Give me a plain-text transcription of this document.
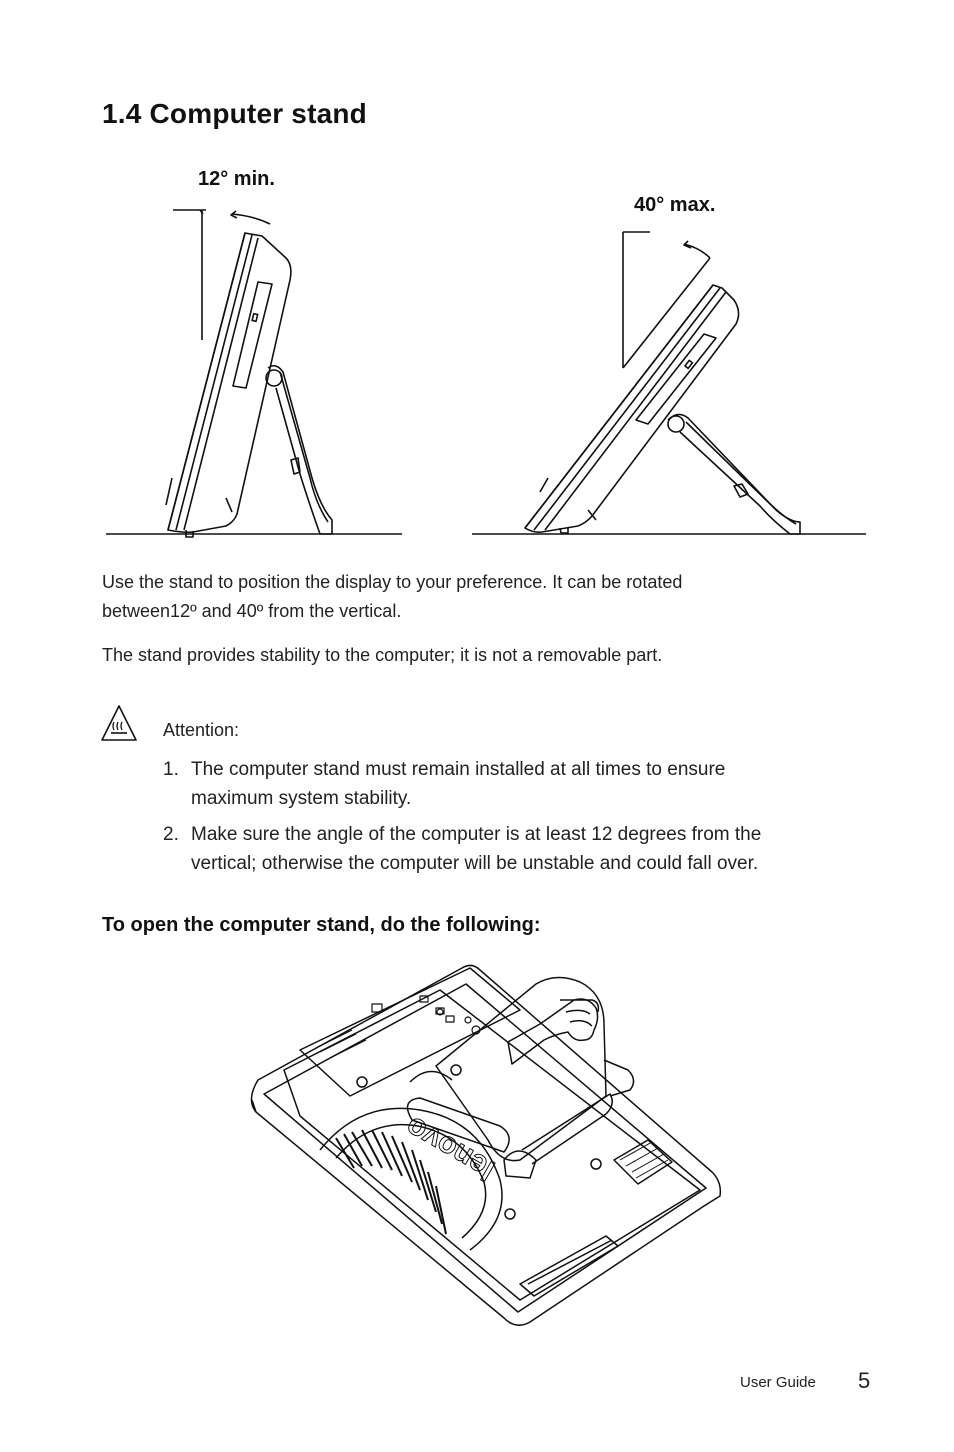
1.4 Computer stand
12° min.
40° max.
Use the stand to position the display to your preference. It can be rotated
between12º and 40º from the vertical.
The stand provides stability to the computer; it is not a removable part.
Attention:
1. The computer stand must remain installed at all times to ensure
maximum system stability.
2. Make sure the angle of the computer is at least 12 degrees from the
vertical; otherwise the computer will be unstable and could fall over.
To open the computer stand, do the following:
lenovo
User Guide 5
